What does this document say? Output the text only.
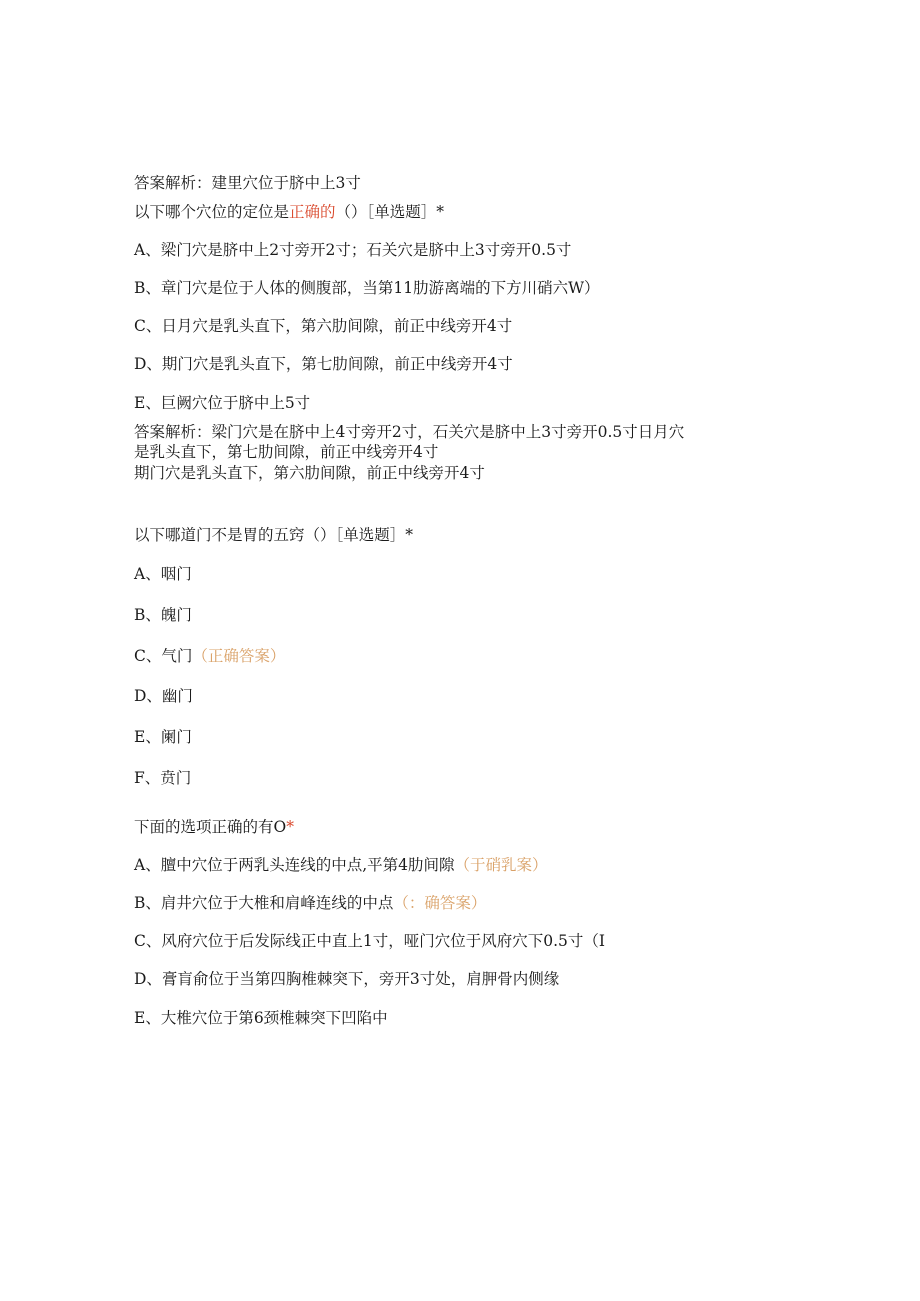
答案解析：建里穴位于脐中上3寸
以下哪个穴位的定位是正确的（）［单选题］*
A、梁门穴是脐中上2寸旁开2寸；石关穴是脐中上3寸旁开0.5寸
B、章门穴是位于人体的侧腹部，当第11肋游离端的下方川硝六W）
C、日月穴是乳头直下，第六肋间隙，前正中线旁开4寸
D、期门穴是乳头直下，第七肋间隙，前正中线旁开4寸
E、巨阙穴位于脐中上5寸
答案解析：梁门穴是在脐中上4寸旁开2寸，石关穴是脐中上3寸旁开0.5寸日月穴
是乳头直下，第七肋间隙，前正中线旁开4寸
期门穴是乳头直下，第六肋间隙，前正中线旁开4寸
以下哪道门不是胃的五窍（）［单选题］*
A、咽门
B、魄门
C、气门（正确答案）
D、幽门
E、阑门
F、贲门
下面的选项正确的有O*
A、膻中穴位于两乳头连线的中点,平第4肋间隙（于硝乳案）
B、肩井穴位于大椎和肩峰连线的中点（：确答案）
C、风府穴位于后发际线正中直上1寸，哑门穴位于风府穴下0.5寸（I
D、膏肓俞位于当第四胸椎棘突下，旁开3寸处，肩胛骨内侧缘
E、大椎穴位于第6颈椎棘突下凹陷中
